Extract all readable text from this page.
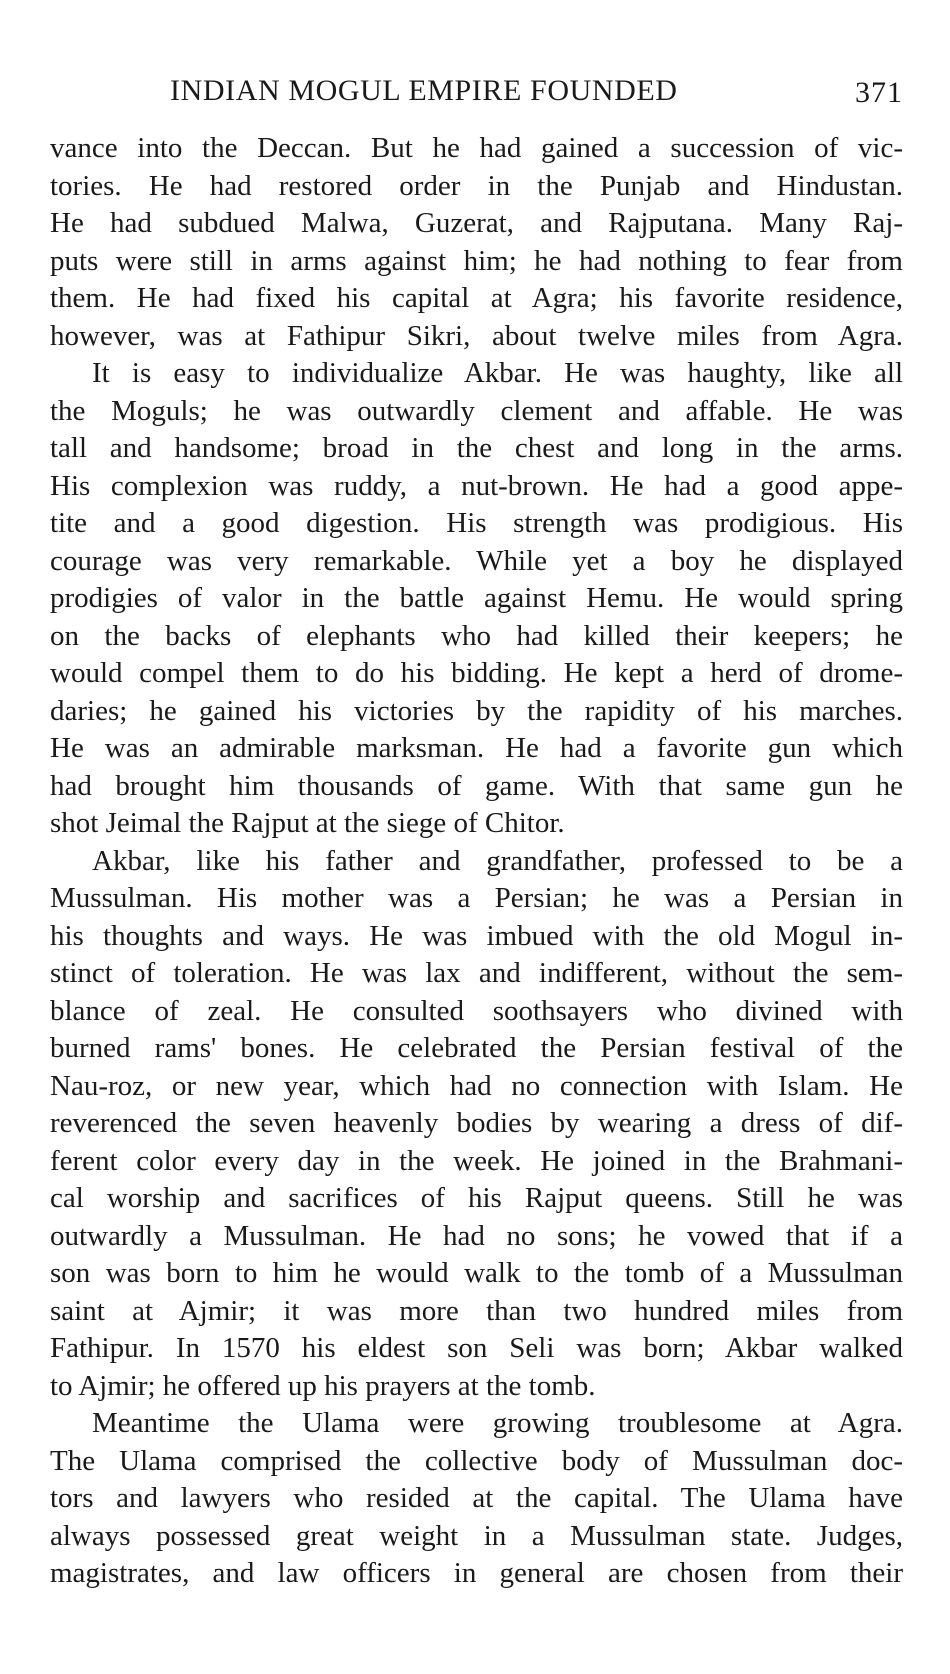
INDIAN MOGUL EMPIRE FOUNDED	371
vance into the Deccan. But he had gained a succession of vic-
tories. He had restored order in the Punjab and Hindustan.
He had subdued Malwa, Guzerat, and Rajputana. Many Raj-
puts were still in arms against him; he had nothing to fear from
them. He had fixed his capital at Agra; his favorite residence,
however, was at Fathipur Sikri, about twelve miles from Agra.
It is easy to individualize Akbar. He was haughty, like all
the Moguls; he was outwardly clement and affable. He was
tall and handsome; broad in the chest and long in the arms.
His complexion was ruddy, a nut-brown. He had a good appe-
tite and a good digestion. His strength was prodigious. His
courage was very remarkable. While yet a boy he displayed
prodigies of valor in the battle against Hemu. He would spring
on the backs of elephants who had killed their keepers; he
would compel them to do his bidding. He kept a herd of drome-
daries; he gained his victories by the rapidity of his marches.
He was an admirable marksman. He had a favorite gun which
had brought him thousands of game. With that same gun he
shot Jeimal the Rajput at the siege of Chitor.
Akbar, like his father and grandfather, professed to be a
Mussulman. His mother was a Persian; he was a Persian in
his thoughts and ways. He was imbued with the old Mogul in-
stinct of toleration. He was lax and indifferent, without the sem-
blance of zeal. He consulted soothsayers who divined with
burned rams' bones. He celebrated the Persian festival of the
Nau-roz, or new year, which had no connection with Islam. He
reverenced the seven heavenly bodies by wearing a dress of dif-
ferent color every day in the week. He joined in the Brahmani-
cal worship and sacrifices of his Rajput queens. Still he was
outwardly a Mussulman. He had no sons; he vowed that if a
son was born to him he would walk to the tomb of a Mussulman
saint at Ajmir; it was more than two hundred miles from
Fathipur. In 1570 his eldest son Seli was born; Akbar walked
to Ajmir; he offered up his prayers at the tomb.
Meantime the Ulama were growing troublesome at Agra.
The Ulama comprised the collective body of Mussulman doc-
tors and lawyers who resided at the capital. The Ulama have
always possessed great weight in a Mussulman state. Judges,
magistrates, and law officers in general are chosen from their
